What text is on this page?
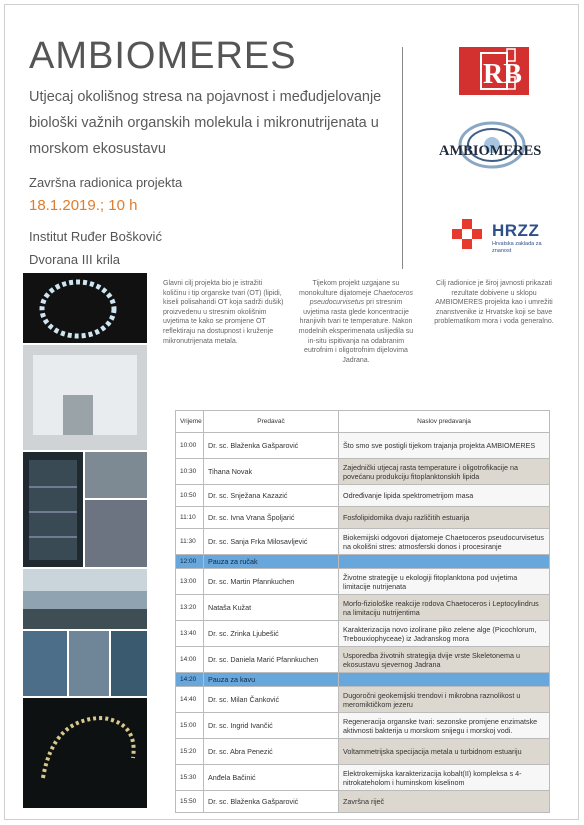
AMBIOMERES
Utjecaj okolišnog stresa na pojavnost i međudjelovanje biološki važnih organskih molekula i mikronutrijenata u morskom ekosustavu
Završna radionica projekta
18.1.2019.; 10 h
Institut Ruđer Bošković
Dvorana III krila
RB
AMBIOMERES
HRZZ
Hrvatska zaklada za znanost
Glavni cilj projekta bio je istražiti količinu i tip organske tvari (OT) (lipidi, kiseli polisaharidi OT koja sadrži dušik) proizvedenu u stresnim okolišnim uvjetima te kako se promjene OT reflektiraju na dostupnost i kruženje mikronutrijenata metala.
Tijekom projekt uzgajane su monokulture dijatomeje Chaetoceros pseudocurvisetus pri stresnim uvjetima rasta glede koncentracije hranjivih tvari te temperature. Nakon modelnih eksperimenata uslijedila su in-situ ispitivanja na odabranim eutrofnim i oligotrofnim dijelovima Jadrana.
Cilj radionice je široj javnosti prikazati rezultate dobivene u sklopu AMBIOMERES projekta kao i umrežiti znanstvenike iz Hrvatske koji se bave problematikom mora i voda generalno.
Vrijeme	Predavač	Naslov predavanja
10:00	Dr. sc. Blaženka Gašparović	Što smo sve postigli tijekom trajanja projekta AMBIOMERES
10:30	Tihana Novak	Zajednički utjecaj rasta temperature i oligotrofikacije na povećanu produkciju fitoplanktonskih lipida
10:50	Dr. sc. Snježana Kazazić	Određivanje lipida spektrometrijom masa
11:10	Dr. sc. Ivna Vrana Špoljarić	Fosfolipidomika dvaju različitih estuarija
11:30	Dr. sc. Sanja Frka Milosavljević	Biokemijski odgovori dijatomeje Chaetoceros pseudocurvisetus na okolišni stres: atmosferski donos i procesiranje
12:00	Pauza za ručak	
13:00	Dr. sc. Martin Pfannkuchen	Životne strategije u ekologiji fitoplanktona pod uvjetima limitacije nutrijenata
13:20	Nataša Kužat	Morfo-fiziološke reakcije rodova Chaetoceros i Leptocylindrus na limitaciju nutrijentima
13:40	Dr. sc. Zrinka Ljubešić	Karakterizacija novo izolirane piko zelene alge (Picochlorum, Trebouxiophyceae) iz Jadranskog mora
14:00	Dr. sc. Daniela Marić Pfannkuchen	Usporedba životnih strategija dvije vrste Skeletonema u ekosustavu sjevernog Jadrana
14:20	Pauza za kavu	
14:40	Dr. sc. Milan Čanković	Dugoročni geokemijski trendovi i mikrobna raznolikost u meromiktičkom jezeru
15:00	Dr. sc. Ingrid Ivančić	Regeneracija organske tvari: sezonske promjene enzimatske aktivnosti bakterija u morskom snijegu i morskoj vodi.
15:20	Dr. sc. Abra Penezić	Voltammetrijska specijacija metala u turbidnom estuariju
15:30	Anđela Bačinić	Elektrokemijska karakterizacija kobalt(II) kompleksa s 4-nitrokateholom i huminskom kiselinom
15:50	Dr. sc. Blaženka Gašparović	Završna riječ
